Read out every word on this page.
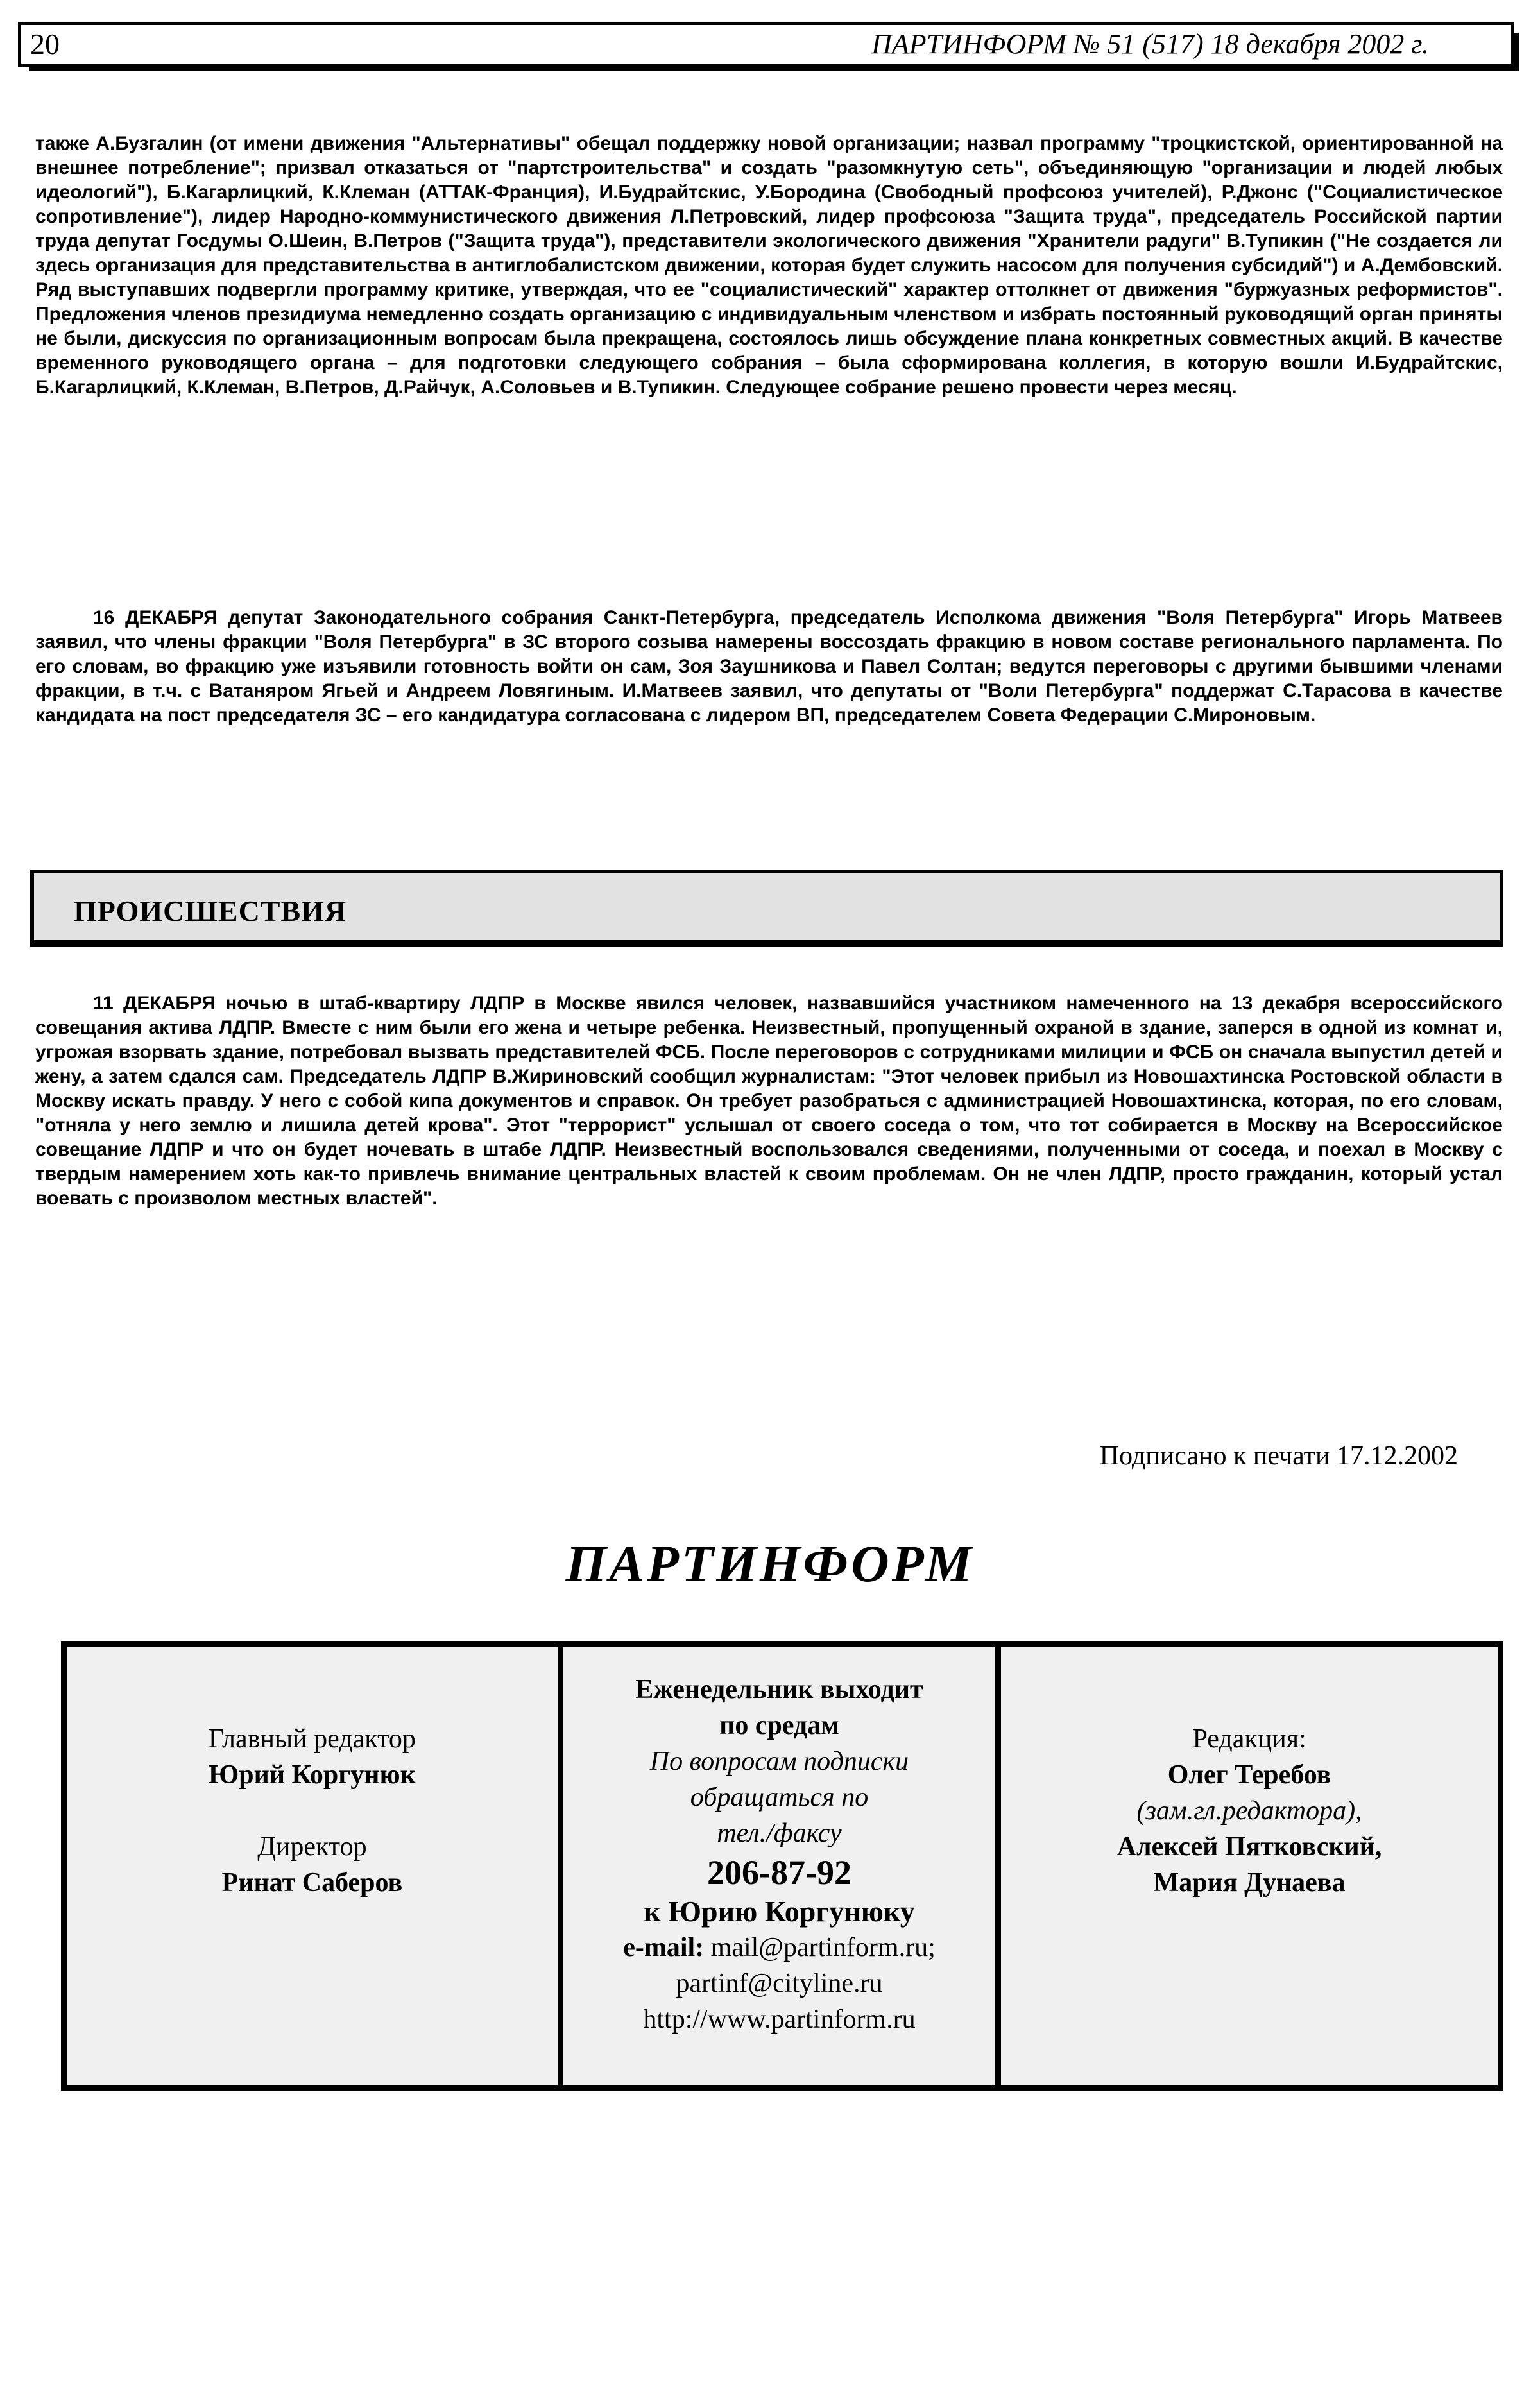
20	ПАРТИНФОРМ № 51 (517) 18 декабря 2002 г.

также А.Бузгалин (от имени движения "Альтернативы" обещал поддержку новой организации; назвал программу "троцкистской, ориентированной на внешнее потребление"; призвал отказаться от "партстроительства" и создать "разомкнутую сеть", объединяющую "организации и людей любых идеологий"), Б.Кагарлицкий, К.Клеман (АТТАК-Франция), И.Будрайтскис, У.Бородина (Свободный профсоюз учителей), Р.Джонс ("Социалистическое сопротивление"), лидер Народно-коммунистического движения Л.Петровский, лидер профсоюза "Защита труда", председатель Российской партии труда депутат Госдумы О.Шеин, В.Петров ("Защита труда"), представители экологического движения "Хранители радуги" В.Тупикин ("Не создается ли здесь организация для представительства в антиглобалистском движении, которая будет служить насосом для получения субсидий") и А.Дембовский. Ряд выступавших подвергли программу критике, утверждая, что ее "социалистический" характер оттолкнет от движения "буржуазных реформистов". Предложения членов президиума немедленно создать организацию с индивидуальным членством и избрать постоянный руководящий орган приняты не были, дискуссия по организационным вопросам была прекращена, состоялось лишь обсуждение плана конкретных совместных акций. В качестве временного руководящего органа – для подготовки следующего собрания – была сформирована коллегия, в которую вошли И.Будрайтскис, Б.Кагарлицкий, К.Клеман, В.Петров, Д.Райчук, А.Соловьев и В.Тупикин. Следующее собрание решено провести через месяц.

16 ДЕКАБРЯ депутат Законодательного собрания Санкт-Петербурга, председатель Исполкома движения "Воля Петербурга" Игорь Матвеев заявил, что члены фракции "Воля Петербурга" в ЗС второго созыва намерены воссоздать фракцию в новом составе регионального парламента. По его словам, во фракцию уже изъявили готовность войти он сам, Зоя Заушникова и Павел Солтан; ведутся переговоры с другими бывшими членами фракции, в т.ч. с Ватаняром Ягьей и Андреем Ловягиным. И.Матвеев заявил, что депутаты от "Воли Петербурга" поддержат С.Тарасова в качестве кандидата на пост председателя ЗС – его кандидатура согласована с лидером ВП, председателем Совета Федерации С.Мироновым.

ПРОИСШЕСТВИЯ

11 ДЕКАБРЯ ночью в штаб-квартиру ЛДПР в Москве явился человек, назвавшийся участником намеченного на 13 декабря всероссийского совещания актива ЛДПР. Вместе с ним были его жена и четыре ребенка. Неизвестный, пропущенный охраной в здание, заперся в одной из комнат и, угрожая взорвать здание, потребовал вызвать представителей ФСБ. После переговоров с сотрудниками милиции и ФСБ он сначала выпустил детей и жену, а затем сдался сам. Председатель ЛДПР В.Жириновский сообщил журналистам: "Этот человек прибыл из Новошахтинска Ростовской области в Москву искать правду. У него с собой кипа документов и справок. Он требует разобраться с администрацией Новошахтинска, которая, по его словам, "отняла у него землю и лишила детей крова". Этот "террорист" услышал от своего соседа о том, что тот собирается в Москву на Всероссийское совещание ЛДПР и что он будет ночевать в штабе ЛДПР. Неизвестный воспользовался сведениями, полученными от соседа, и поехал в Москву с твердым намерением хоть как-то привлечь внимание центральных властей к своим проблемам. Он не член ЛДПР, просто гражданин, который устал воевать с произволом местных властей".

Подписано к печати 17.12.2002
ПАРТИНФОРМ
Главный редактор
Юрий Коргунюк
Директор
Ринат Саберов
Еженедельник выходит
по средам
По вопросам подписки
обращаться по
тел./факсу
206-87-92
к Юрию Коргунюку
e-mail: mail@partinform.ru;
partinf@cityline.ru
http://www.partinform.ru
Редакция:
Олег Теребов
(зам.гл.редактора),
Алексей Пятковский,
Мария Дунаева
